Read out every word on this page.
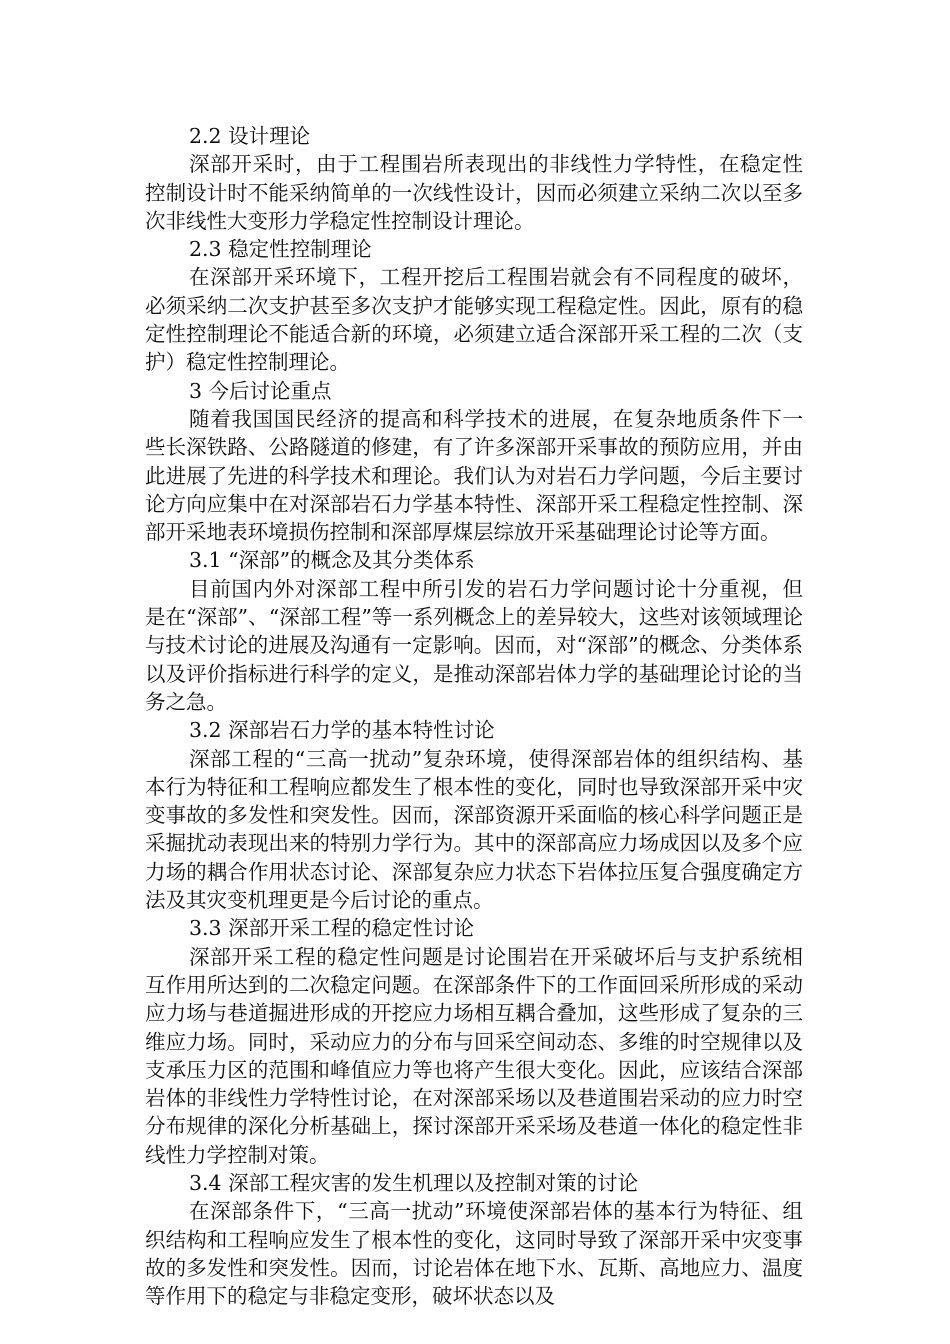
2.2 设计理论

深部开采时，由于工程围岩所表现出的非线性力学特性，在稳定性控制设计时不能采纳简单的一次线性设计，因而必须建立采纳二次以至多次非线性大变形力学稳定性控制设计理论。

2.3 稳定性控制理论

在深部开采环境下，工程开挖后工程围岩就会有不同程度的破坏，必须采纳二次支护甚至多次支护才能够实现工程稳定性。因此，原有的稳定性控制理论不能适合新的环境，必须建立适合深部开采工程的二次（支护）稳定性控制理论。

3 今后讨论重点

随着我国国民经济的提高和科学技术的进展，在复杂地质条件下一些长深铁路、公路隧道的修建，有了许多深部开采事故的预防应用，并由此进展了先进的科学技术和理论。我们认为对岩石力学问题，今后主要讨论方向应集中在对深部岩石力学基本特性、深部开采工程稳定性控制、深部开采地表环境损伤控制和深部厚煤层综放开采基础理论讨论等方面。

3.1 “深部”的概念及其分类体系

目前国内外对深部工程中所引发的岩石力学问题讨论十分重视，但是在“深部”、“深部工程”等一系列概念上的差异较大，这些对该领域理论与技术讨论的进展及沟通有一定影响。因而，对“深部”的概念、分类体系以及评价指标进行科学的定义，是推动深部岩体力学的基础理论讨论的当务之急。

3.2 深部岩石力学的基本特性讨论

深部工程的“三高一扰动”复杂环境，使得深部岩体的组织结构、基本行为特征和工程响应都发生了根本性的变化，同时也导致深部开采中灾变事故的多发性和突发性。因而，深部资源开采面临的核心科学问题正是采掘扰动表现出来的特别力学行为。其中的深部高应力场成因以及多个应力场的耦合作用状态讨论、深部复杂应力状态下岩体拉压复合强度确定方法及其灾变机理更是今后讨论的重点。

3.3 深部开采工程的稳定性讨论

深部开采工程的稳定性问题是讨论围岩在开采破坏后与支护系统相互作用所达到的二次稳定问题。在深部条件下的工作面回采所形成的采动应力场与巷道掘进形成的开挖应力场相互耦合叠加，这些形成了复杂的三维应力场。同时，采动应力的分布与回采空间动态、多维的时空规律以及支承压力区的范围和峰值应力等也将产生很大变化。因此，应该结合深部岩体的非线性力学特性讨论，在对深部采场以及巷道围岩采动的应力时空分布规律的深化分析基础上，探讨深部开采采场及巷道一体化的稳定性非线性力学控制对策。

3.4 深部工程灾害的发生机理以及控制对策的讨论

在深部条件下，“三高一扰动”环境使深部岩体的基本行为特征、组织结构和工程响应发生了根本性的变化，这同时导致了深部开采中灾变事故的多发性和突发性。因而，讨论岩体在地下水、瓦斯、高地应力、温度等作用下的稳定与非稳定变形，破坏状态以及
